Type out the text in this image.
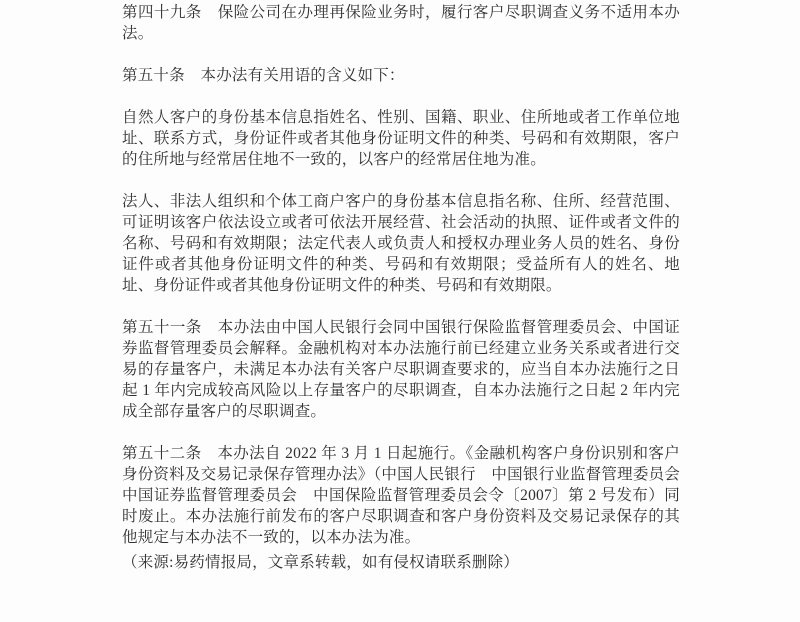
第四十九条　保险公司在办理再保险业务时，履行客户尽职调查义务不适用本办法。

第五十条　本办法有关用语的含义如下：

自然人客户的身份基本信息指姓名、性别、国籍、职业、住所地或者工作单位地址、联系方式，身份证件或者其他身份证明文件的种类、号码和有效期限，客户的住所地与经常居住地不一致的，以客户的经常居住地为准。

法人、非法人组织和个体工商户客户的身份基本信息指名称、住所、经营范围、可证明该客户依法设立或者可依法开展经营、社会活动的执照、证件或者文件的名称、号码和有效期限；法定代表人或负责人和授权办理业务人员的姓名、身份证件或者其他身份证明文件的种类、号码和有效期限；受益所有人的姓名、地址、身份证件或者其他身份证明文件的种类、号码和有效期限。

第五十一条　本办法由中国人民银行会同中国银行保险监督管理委员会、中国证券监督管理委员会解释。金融机构对本办法施行前已经建立业务关系或者进行交易的存量客户，未满足本办法有关客户尽职调查要求的，应当自本办法施行之日起 1 年内完成较高风险以上存量客户的尽职调查，自本办法施行之日起 2 年内完成全部存量客户的尽职调查。

第五十二条　本办法自 2022 年 3 月 1 日起施行。《金融机构客户身份识别和客户身份资料及交易记录保存管理办法》（中国人民银行　中国银行业监督管理委员会　中国证券监督管理委员会　中国保险监督管理委员会令〔2007〕第 2 号发布）同时废止。本办法施行前发布的客户尽职调查和客户身份资料及交易记录保存的其他规定与本办法不一致的，以本办法为准。

（来源:易药情报局，文章系转载，如有侵权请联系删除）
